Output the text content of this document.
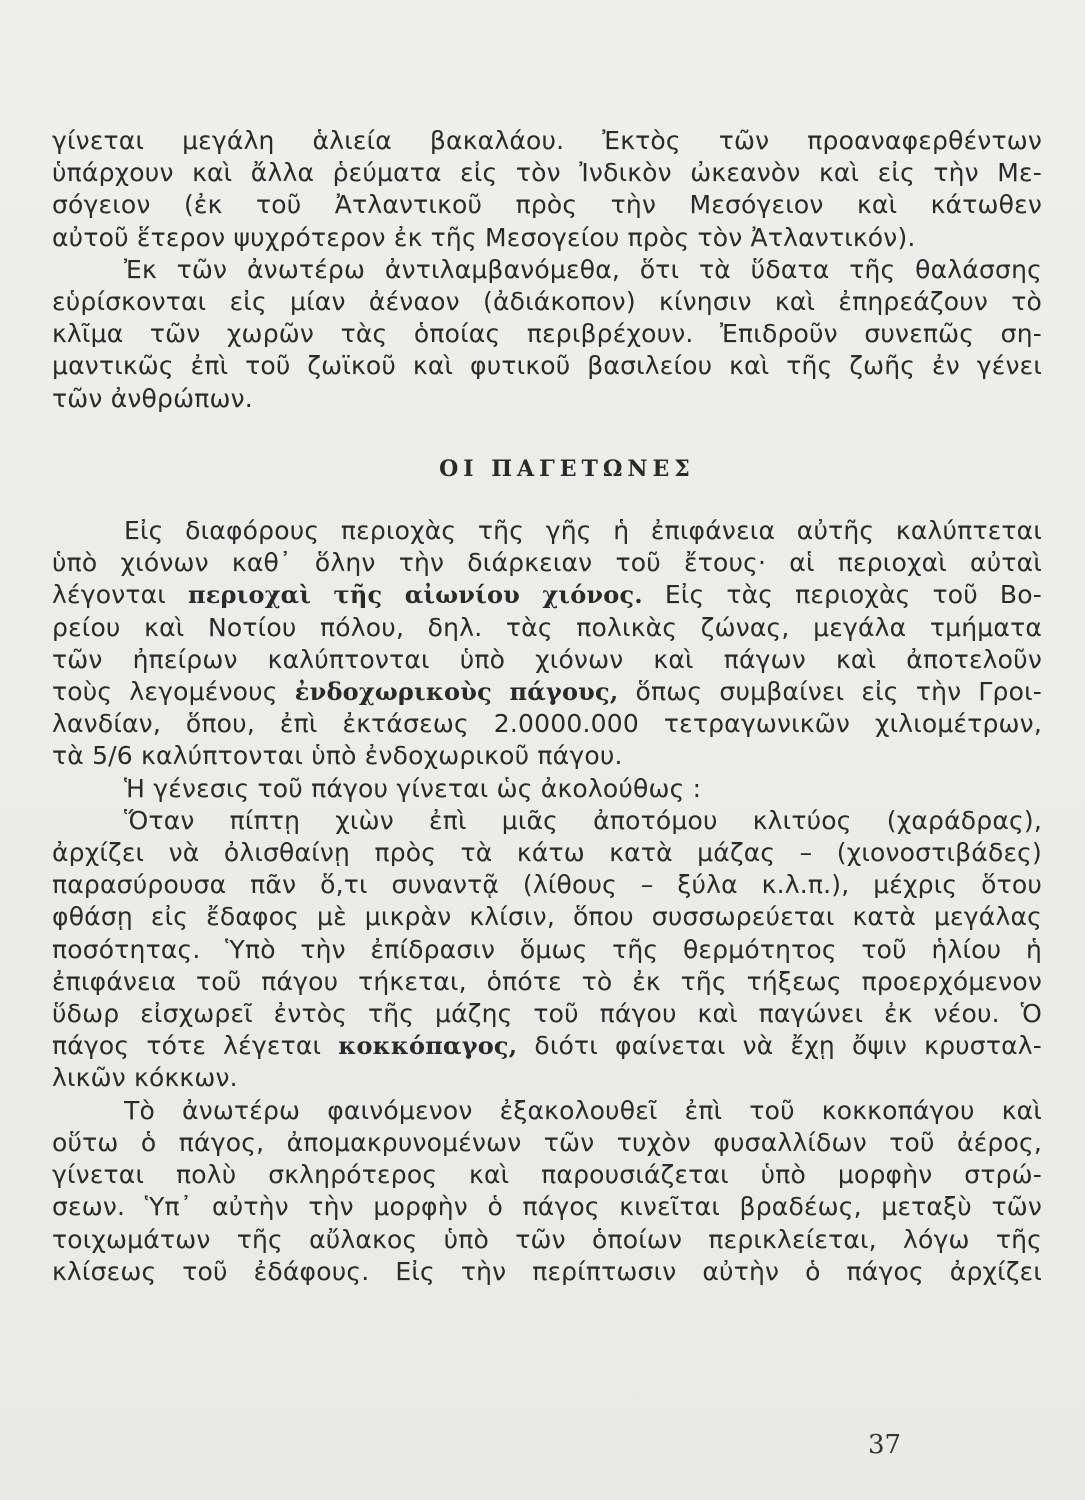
γίνεται μεγάλη ἁλιεία βακαλάου. Ἐκτὸς τῶν προαναφερθέντων
ὑπάρχουν καὶ ἄλλα ῥεύματα εἰς τὸν Ἰνδικὸν ὠκεανὸν καὶ εἰς τὴν Με-
σόγειον (ἐκ τοῦ Ἀτλαντικοῦ πρὸς τὴν Μεσόγειον καὶ κάτωθεν
αὐτοῦ ἕτερον ψυχρότερον ἐκ τῆς Μεσογείου πρὸς τὸν Ἀτλαντικόν).
Ἐκ τῶν ἀνωτέρω ἀντιλαμβανόμεθα, ὅτι τὰ ὕδατα τῆς θαλάσσης
εὑρίσκονται εἰς μίαν ἀέναον (ἀδιάκοπον) κίνησιν καὶ ἐπηρεάζουν τὸ
κλῖμα τῶν χωρῶν τὰς ὁποίας περιβρέχουν. Ἐπιδροῦν συνεπῶς ση-
μαντικῶς ἐπὶ τοῦ ζωϊκοῦ καὶ φυτικοῦ βασιλείου καὶ τῆς ζωῆς ἐν γένει
τῶν ἀνθρώπων.
ΟΙ ΠΑΓΕΤΩΝΕΣ
Εἰς διαφόρους περιοχὰς τῆς γῆς ἡ ἐπιφάνεια αὐτῆς καλύπτεται
ὑπὸ χιόνων καθ᾽ ὅλην τὴν διάρκειαν τοῦ ἔτους· αἱ περιοχαὶ αὐταὶ
λέγονται περιοχαὶ τῆς αἰωνίου χιόνος. Εἰς τὰς περιοχὰς τοῦ Βο-
ρείου καὶ Νοτίου πόλου, δηλ. τὰς πολικὰς ζώνας, μεγάλα τμήματα
τῶν ἠπείρων καλύπτονται ὑπὸ χιόνων καὶ πάγων καὶ ἀποτελοῦν
τοὺς λεγομένους ἐνδοχωρικοὺς πάγους, ὅπως συμβαίνει εἰς τὴν Γροι-
λανδίαν, ὅπου, ἐπὶ ἐκτάσεως 2.0000.000 τετραγωνικῶν χιλιομέτρων,
τὰ 5/6 καλύπτονται ὑπὸ ἐνδοχωρικοῦ πάγου.
Ἡ γένεσις τοῦ πάγου γίνεται ὡς ἀκολούθως :
Ὅταν πίπτῃ χιὼν ἐπὶ μιᾶς ἀποτόμου κλιτύος (χαράδρας),
ἀρχίζει νὰ ὀλισθαίνῃ πρὸς τὰ κάτω κατὰ μάζας – (χιονοστιβάδες)
παρασύρουσα πᾶν ὅ,τι συναντᾷ (λίθους – ξύλα κ.λ.π.), μέχρις ὅτου
φθάσῃ εἰς ἔδαφος μὲ μικρὰν κλίσιν, ὅπου συσσωρεύεται κατὰ μεγάλας
ποσότητας. Ὑπὸ τὴν ἐπίδρασιν ὅμως τῆς θερμότητος τοῦ ἡλίου ἡ
ἐπιφάνεια τοῦ πάγου τήκεται, ὁπότε τὸ ἐκ τῆς τήξεως προερχόμενον
ὕδωρ εἰσχωρεῖ ἐντὸς τῆς μάζης τοῦ πάγου καὶ παγώνει ἐκ νέου. Ὁ
πάγος τότε λέγεται κοκκόπαγος, διότι φαίνεται νὰ ἔχῃ ὄψιν κρυσταλ-
λικῶν κόκκων.
Τὸ ἀνωτέρω φαινόμενον ἐξακολουθεῖ ἐπὶ τοῦ κοκκοπάγου καὶ
οὕτω ὁ πάγος, ἀπομακρυνομένων τῶν τυχὸν φυσαλλίδων τοῦ ἀέρος,
γίνεται πολὺ σκληρότερος καὶ παρουσιάζεται ὑπὸ μορφὴν στρώ-
σεων. Ὑπ᾽ αὐτὴν τὴν μορφὴν ὁ πάγος κινεῖται βραδέως, μεταξὺ τῶν
τοιχωμάτων τῆς αὔλακος ὑπὸ τῶν ὁποίων περικλείεται, λόγω τῆς
κλίσεως τοῦ ἐδάφους. Εἰς τὴν περίπτωσιν αὐτὴν ὁ πάγος ἀρχίζει
37
